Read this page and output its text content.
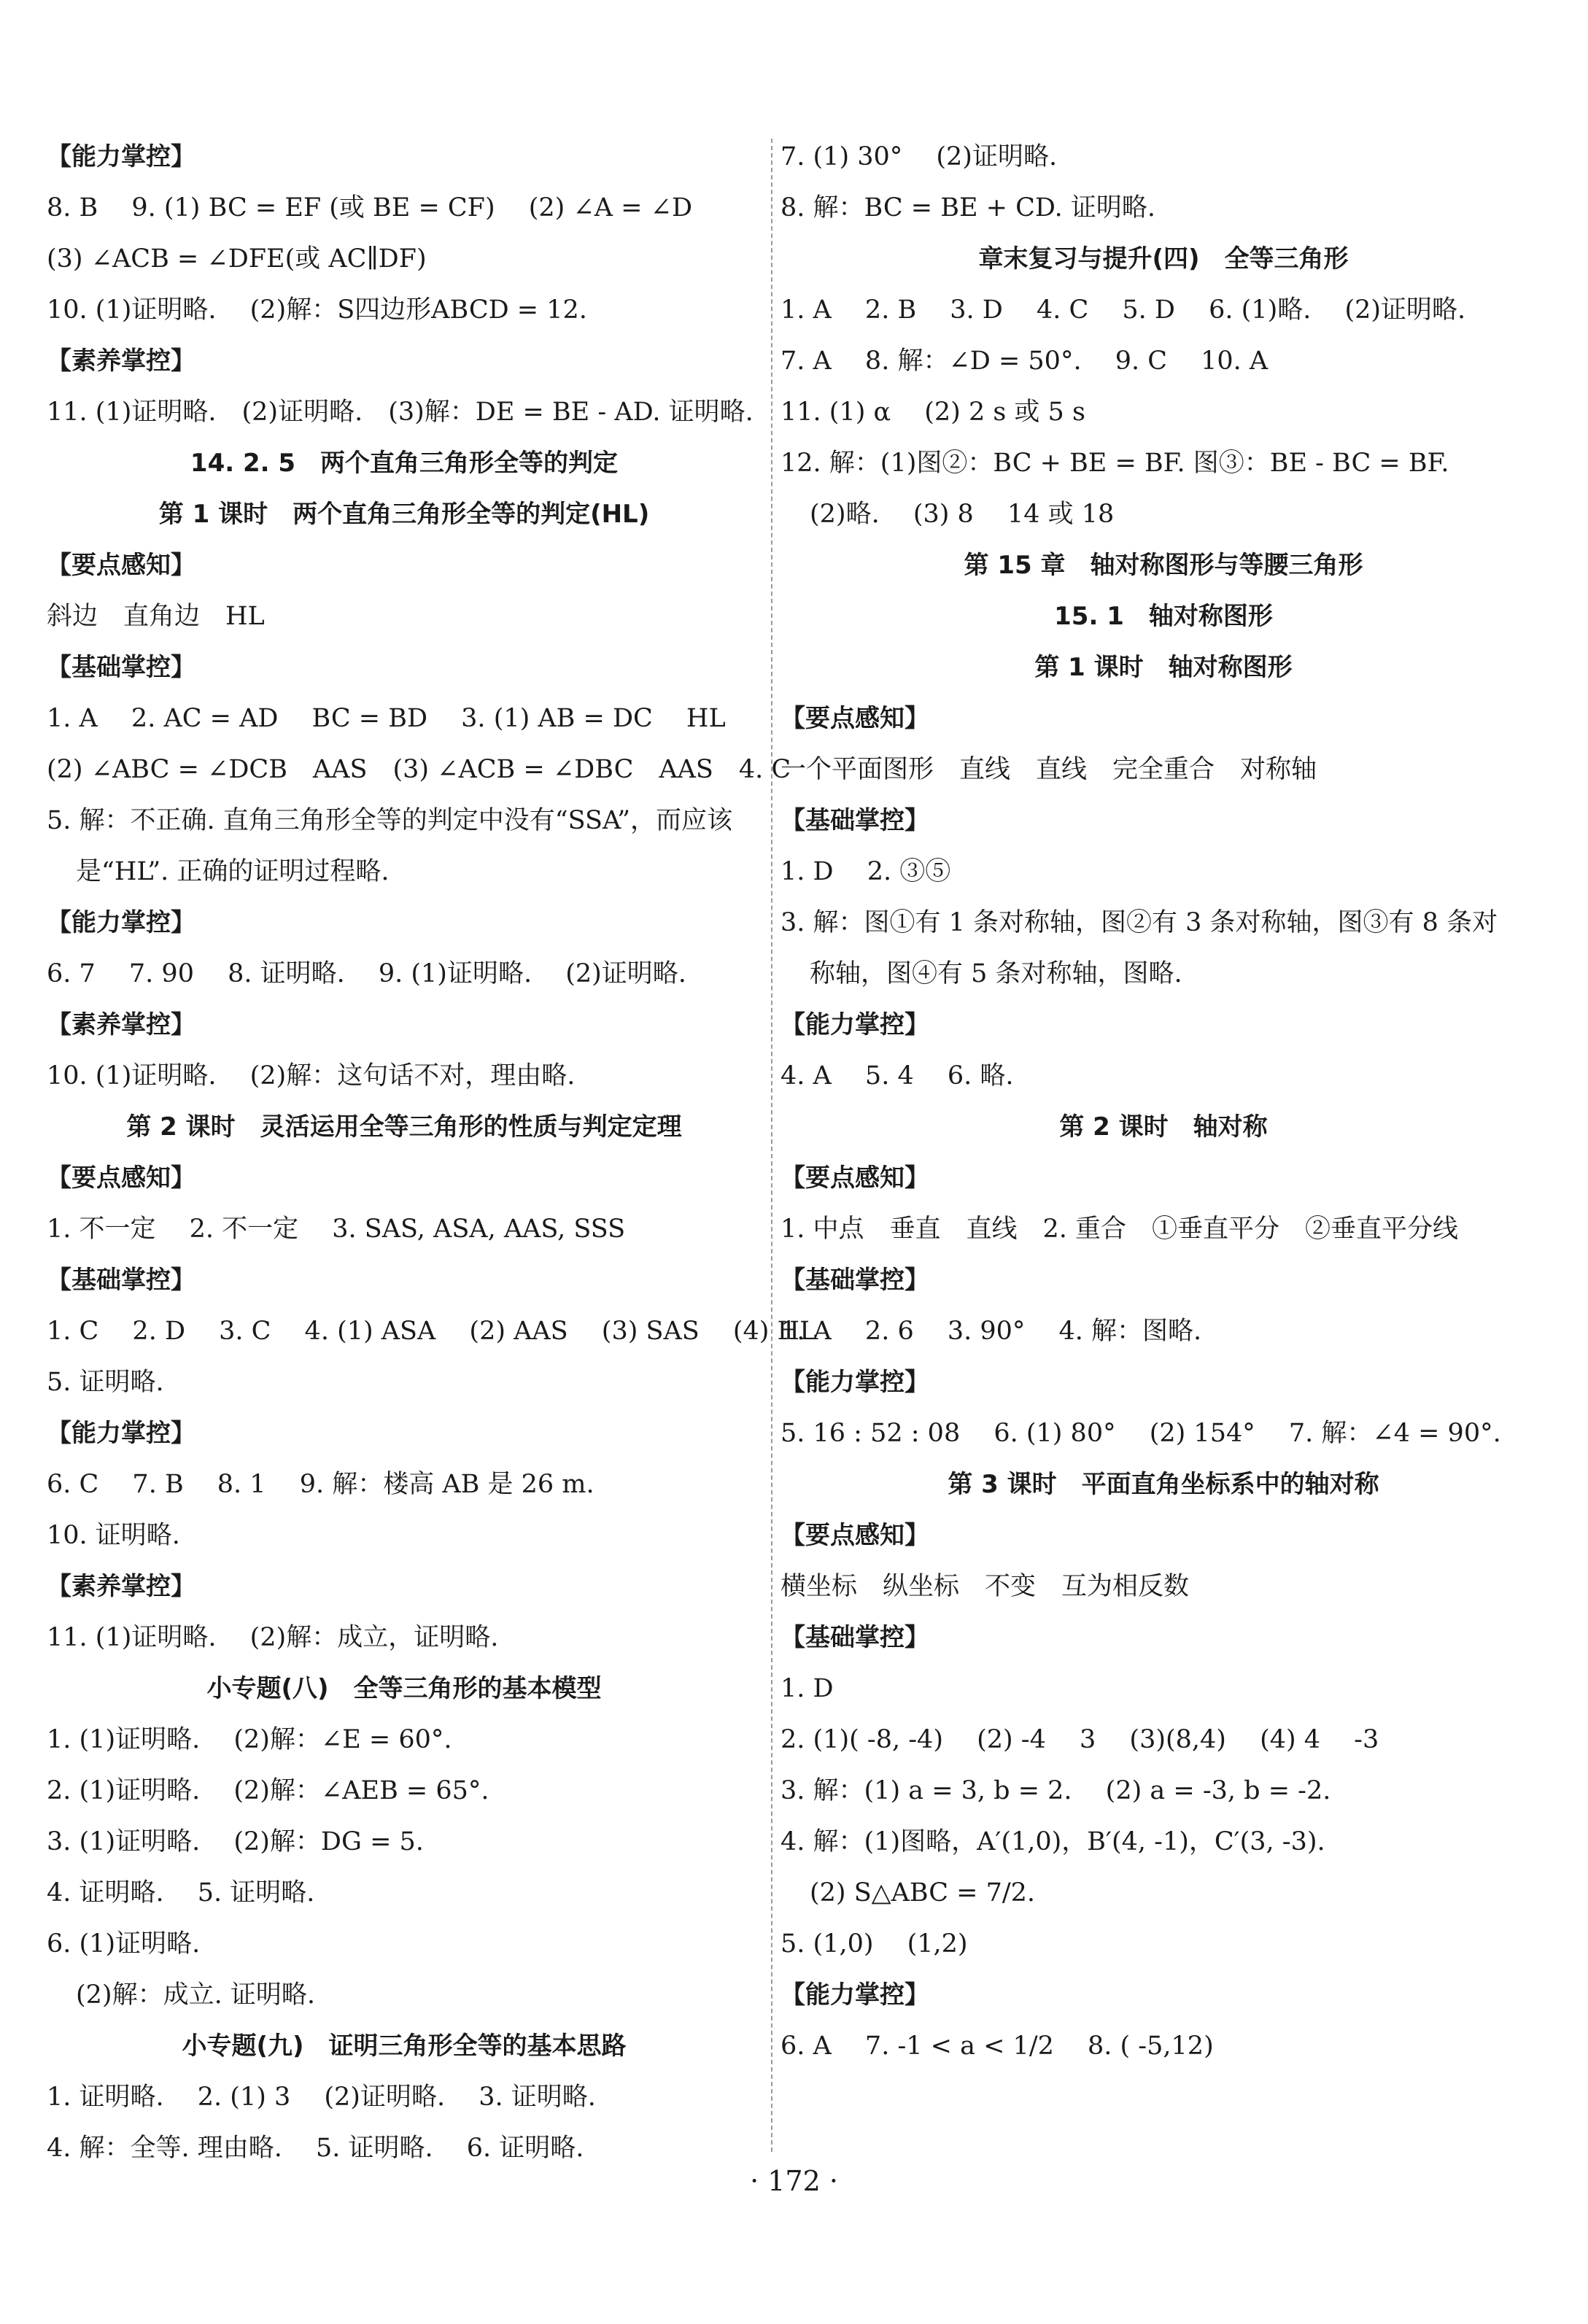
【能力掌控】
8. B　 9. (1) BC = EF (或 BE = CF)　 (2) ∠A = ∠D
(3) ∠ACB = ∠DFE(或 AC∥DF)
10. (1)证明略.　 (2)解：S四边形ABCD = 12.
【素养掌控】
11. (1)证明略.　(2)证明略.　(3)解：DE = BE - AD. 证明略.
14. 2. 5　两个直角三角形全等的判定
第 1 课时　两个直角三角形全等的判定(HL)
【要点感知】
斜边　直角边　HL
【基础掌控】
1. A　 2. AC = AD　 BC = BD　 3. (1) AB = DC　 HL
(2) ∠ABC = ∠DCB　AAS　(3) ∠ACB = ∠DBC　AAS　4. C
5. 解：不正确. 直角三角形全等的判定中没有“SSA”，而应该
是“HL”. 正确的证明过程略.
【能力掌控】
6. 7　 7. 90　 8. 证明略.　 9. (1)证明略.　 (2)证明略.
【素养掌控】
10. (1)证明略.　 (2)解：这句话不对，理由略.
第 2 课时　灵活运用全等三角形的性质与判定定理
【要点感知】
1. 不一定　 2. 不一定　 3. SAS, ASA, AAS, SSS
【基础掌控】
1. C　 2. D　 3. C　 4. (1) ASA　 (2) AAS　 (3) SAS　 (4) HL
5. 证明略.
【能力掌控】
6. C　 7. B　 8. 1　 9. 解：楼高 AB 是 26 m.
10. 证明略.
【素养掌控】
11. (1)证明略.　 (2)解：成立，证明略.
小专题(八)　全等三角形的基本模型
1. (1)证明略.　 (2)解：∠E = 60°.
2. (1)证明略.　 (2)解：∠AEB = 65°.
3. (1)证明略.　 (2)解：DG = 5.
4. 证明略.　 5. 证明略.
6. (1)证明略.
(2)解：成立. 证明略.
小专题(九)　证明三角形全等的基本思路
1. 证明略.　 2. (1) 3　 (2)证明略.　 3. 证明略.
4. 解：全等. 理由略.　 5. 证明略.　 6. 证明略.
7. (1) 30°　 (2)证明略.
8. 解：BC = BE + CD. 证明略.
章末复习与提升(四)　全等三角形
1. A　 2. B　 3. D　 4. C　 5. D　 6. (1)略.　 (2)证明略.
7. A　 8. 解：∠D = 50°.　 9. C　 10. A
11. (1) α　 (2) 2 s 或 5 s
12. 解：(1)图②：BC + BE = BF. 图③：BE - BC = BF.
(2)略.　 (3) 8　 14 或 18
第 15 章　轴对称图形与等腰三角形
15. 1　轴对称图形
第 1 课时　轴对称图形
【要点感知】
一个平面图形　直线　直线　完全重合　对称轴
【基础掌控】
1. D　 2. ③⑤
3. 解：图①有 1 条对称轴，图②有 3 条对称轴，图③有 8 条对
称轴，图④有 5 条对称轴，图略.
【能力掌控】
4. A　 5. 4　 6. 略.
第 2 课时　轴对称
【要点感知】
1. 中点　垂直　直线　2. 重合　①垂直平分　②垂直平分线
【基础掌控】
1. A　 2. 6　 3. 90°　 4. 解：图略.
【能力掌控】
5. 16 : 52 : 08　 6. (1) 80°　 (2) 154°　 7. 解：∠4 = 90°.
第 3 课时　平面直角坐标系中的轴对称
【要点感知】
横坐标　纵坐标　不变　互为相反数
【基础掌控】
1. D
2. (1)( -8, -4)　 (2) -4　 3　 (3)(8,4)　 (4) 4　 -3
3. 解：(1) a = 3, b = 2.　 (2) a = -3, b = -2.
4. 解：(1)图略，A′(1,0)，B′(4, -1)，C′(3, -3).
(2) S△ABC = 7/2.
5. (1,0)　 (1,2)
【能力掌控】
6. A　 7. -1 < a < 1/2　 8. ( -5,12)
· 172 ·
